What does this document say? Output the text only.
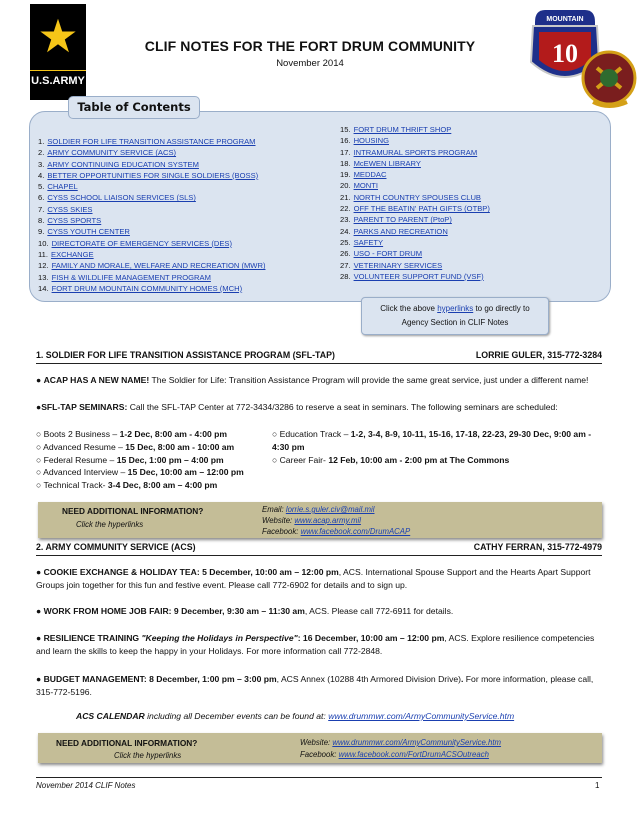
★
U.S.ARMY
MOUNTAIN
10
CLIF NOTES FOR THE FORT DRUM COMMUNITY
November 2014
Table of Contents
1. SOLDIER FOR LIFE TRANSITION ASSISTANCE PROGRAM
2. ARMY COMMUNITY SERVICE (ACS)
3. ARMY CONTINUING EDUCATION SYSTEM
4. BETTER OPPORTUNITIES FOR SINGLE SOLDIERS (BOSS)
5. CHAPEL
6. CYSS SCHOOL LIAISON SERVICES (SLS)
7. CYSS SKIES
8. CYSS SPORTS
9. CYSS YOUTH CENTER
10. DIRECTORATE OF EMERGENCY SERVICES (DES)
11. EXCHANGE
12. FAMILY AND MORALE, WELFARE AND RECREATION (MWR)
13. FISH & WILDLIFE MANAGEMENT PROGRAM
14. FORT DRUM MOUNTAIN COMMUNITY HOMES (MCH)
15. FORT DRUM THRIFT SHOP
16. HOUSING
17. INTRAMURAL SPORTS PROGRAM
18. McEWEN LIBRARY
19. MEDDAC
20. MONTI
21. NORTH COUNTRY SPOUSES CLUB
22. OFF THE BEATIN' PATH GIFTS (OTBP)
23. PARENT TO PARENT (PtoP)
24. PARKS AND RECREATION
25. SAFETY
26. USO - FORT DRUM
27. VETERINARY SERVICES
28. VOLUNTEER SUPPORT FUND (VSF)
Click the above hyperlinks to go directly to
Agency Section in CLIF Notes
1. SOLDIER FOR LIFE TRANSITION ASSISTANCE PROGRAM (SFL-TAP)	LORRIE GULER, 315-772-3284
● ACAP HAS A NEW NAME! The Soldier for Life: Transition Assistance Program will provide the same great service, just under a different name!
●SFL-TAP SEMINARS: Call the SFL-TAP Center at 772-3434/3286 to reserve a seat in seminars. The following seminars are scheduled:
○ Boots 2 Business – 1-2 Dec, 8:00 am - 4:00 pm
○ Advanced Resume – 15 Dec, 8:00 am - 10:00 am
○ Federal Resume – 15 Dec, 1:00 pm – 4:00 pm
○ Advanced Interview – 15 Dec, 10:00 am – 12:00 pm
○ Technical Track- 3-4 Dec, 8:00 am – 4:00 pm
○ Education Track – 1-2, 3-4, 8-9, 10-11, 15-16, 17-18, 22-23, 29-30 Dec, 9:00 am - 4:30 pm
○ Career Fair- 12 Feb, 10:00 am - 2:00 pm at The Commons
NEED ADDITIONAL INFORMATION?
Click the hyperlinks
Email: lorrie.s.guler.civ@mail.mil
Website: www.acap.army.mil
Facebook: www.facebook.com/DrumACAP
2. ARMY COMMUNITY SERVICE (ACS)	CATHY FERRAN, 315-772-4979
● COOKIE EXCHANGE & HOLIDAY TEA: 5 December, 10:00 am – 12:00 pm, ACS. International Spouse Support and the Hearts Apart Support Groups join together for this fun and festive event. Please call 772-6902 for details and to sign up.
● WORK FROM HOME JOB FAIR: 9 December, 9:30 am – 11:30 am, ACS. Please call 772-6911 for details.
● RESILIENCE TRAINING "Keeping the Holidays in Perspective": 16 December, 10:00 am – 12:00 pm, ACS. Explore resilience competencies and learn the skills to keep the happy in your Holidays. For more information call 772-2848.
● BUDGET MANAGEMENT: 8 December, 1:00 pm – 3:00 pm, ACS Annex (10288 4th Armored Division Drive). For more information, please call, 315-772-5196.
ACS CALENDAR including all December events can be found at: www.drummwr.com/ArmyCommunityService.htm
NEED ADDITIONAL INFORMATION?
Click the hyperlinks
Website: www.drummwr.com/ArmyCommunityService.htm
Facebook: www.facebook.com/FortDrumACSOutreach
November 2014 CLIF Notes	1
